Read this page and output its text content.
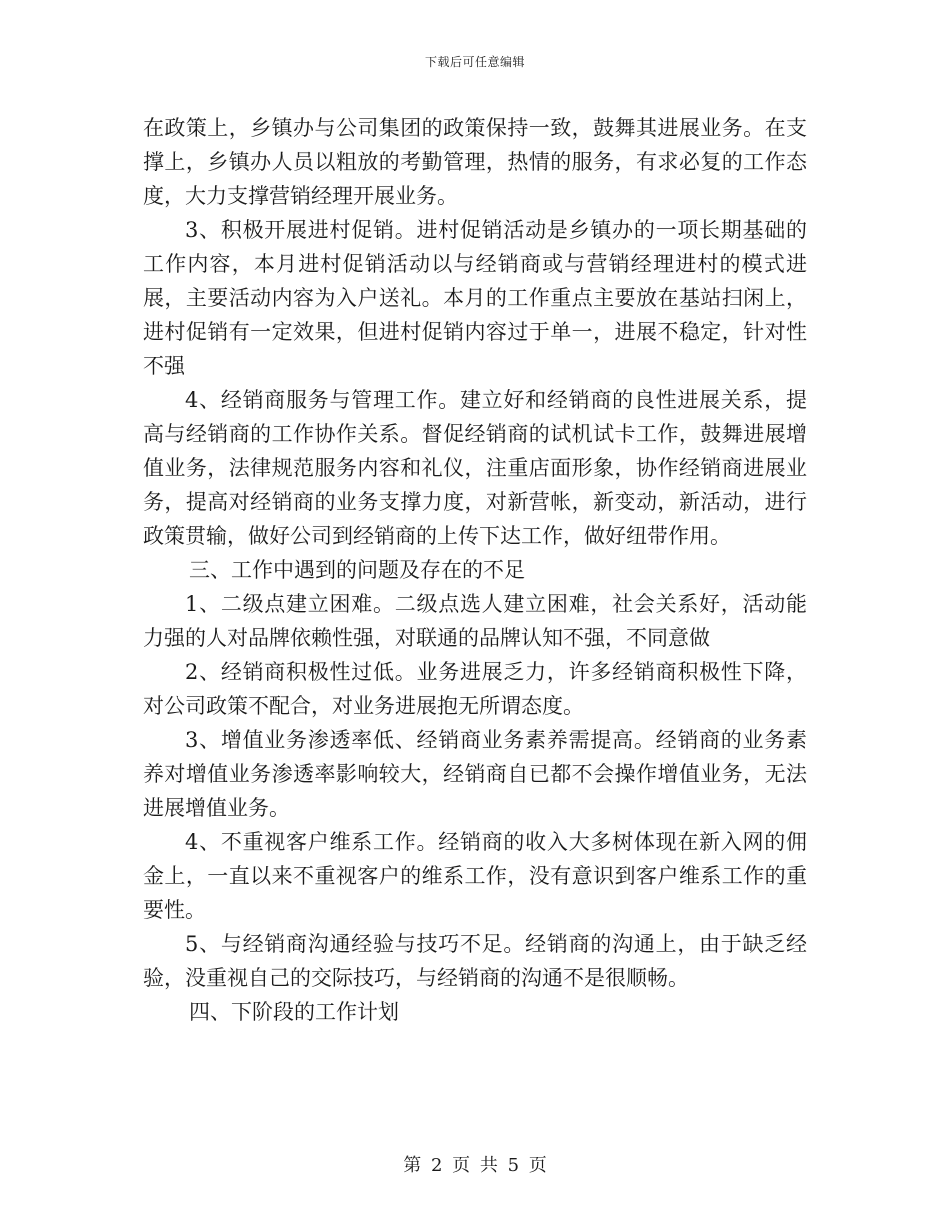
下载后可任意编辑

在政策上，乡镇办与公司集团的政策保持一致，鼓舞其进展业务。在支撑上，乡镇办人员以粗放的考勤管理，热情的服务，有求必复的工作态度，大力支撑营销经理开展业务。

3、积极开展进村促销。进村促销活动是乡镇办的一项长期基础的工作内容，本月进村促销活动以与经销商或与营销经理进村的模式进展，主要活动内容为入户送礼。本月的工作重点主要放在基站扫闲上，进村促销有一定效果，但进村促销内容过于单一，进展不稳定，针对性不强

4、经销商服务与管理工作。建立好和经销商的良性进展关系，提高与经销商的工作协作关系。督促经销商的试机试卡工作，鼓舞进展增值业务，法律规范服务内容和礼仪，注重店面形象，协作经销商进展业务，提高对经销商的业务支撑力度，对新营帐，新变动，新活动，进行政策贯输，做好公司到经销商的上传下达工作，做好纽带作用。

三、工作中遇到的问题及存在的不足

1、二级点建立困难。二级点选人建立困难，社会关系好，活动能力强的人对品牌依赖性强，对联通的品牌认知不强，不同意做

2、经销商积极性过低。业务进展乏力，许多经销商积极性下降，对公司政策不配合，对业务进展抱无所谓态度。

3、增值业务渗透率低、经销商业务素养需提高。经销商的业务素养对增值业务渗透率影响较大，经销商自已都不会操作增值业务，无法进展增值业务。

4、不重视客户维系工作。经销商的收入大多树体现在新入网的佣金上，一直以来不重视客户的维系工作，没有意识到客户维系工作的重要性。

5、与经销商沟通经验与技巧不足。经销商的沟通上，由于缺乏经验，没重视自己的交际技巧，与经销商的沟通不是很顺畅。

四、下阶段的工作计划

第 2 页 共 5 页
